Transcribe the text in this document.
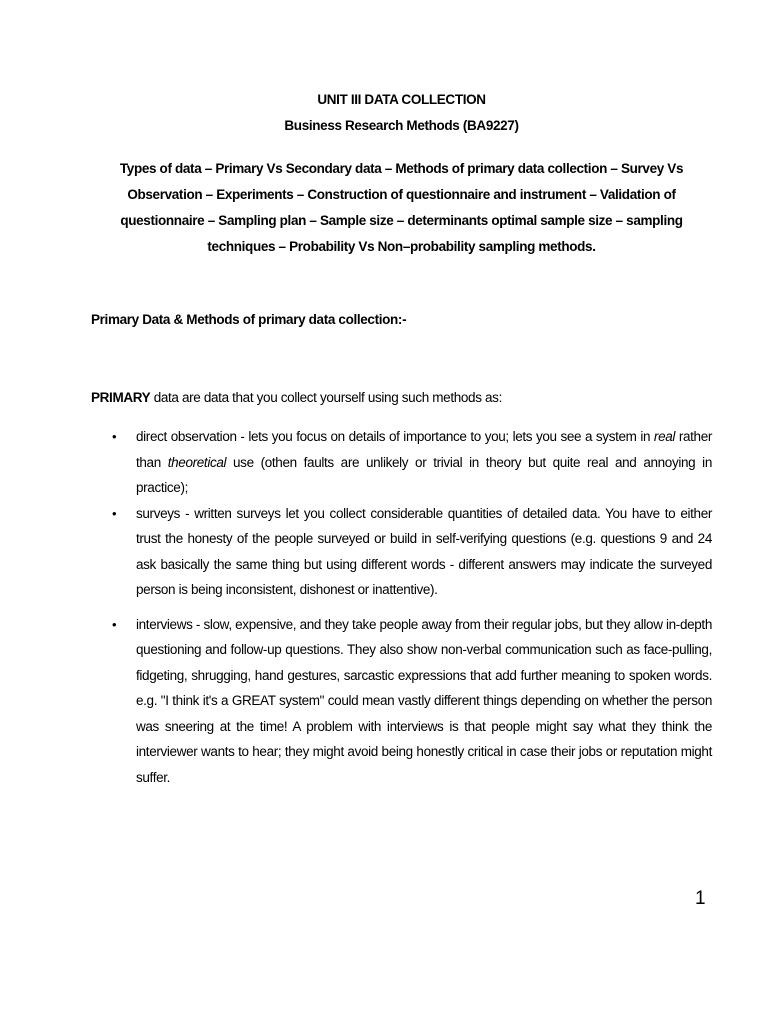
UNIT III DATA COLLECTION
Business Research Methods (BA9227)
Types of data – Primary Vs Secondary data – Methods of primary data collection – Survey Vs Observation – Experiments – Construction of questionnaire and instrument – Validation of questionnaire – Sampling plan – Sample size – determinants optimal sample size – sampling techniques – Probability Vs Non–probability sampling methods.
Primary Data & Methods of primary data collection:-
PRIMARY data are data that you collect yourself using such methods as:
• direct observation - lets you focus on details of importance to you; lets you see a system in real rather than theoretical use (othen faults are unlikely or trivial in theory but quite real and annoying in practice);
• surveys - written surveys let you collect considerable quantities of detailed data. You have to either trust the honesty of the people surveyed or build in self-verifying questions (e.g. questions 9 and 24 ask basically the same thing but using different words - different answers may indicate the surveyed person is being inconsistent, dishonest or inattentive).
• interviews - slow, expensive, and they take people away from their regular jobs, but they allow in-depth questioning and follow-up questions. They also show non-verbal communication such as face-pulling, fidgeting, shrugging, hand gestures, sarcastic expressions that add further meaning to spoken words. e.g. "I think it's a GREAT system" could mean vastly different things depending on whether the person was sneering at the time! A problem with interviews is that people might say what they think the interviewer wants to hear; they might avoid being honestly critical in case their jobs or reputation might suffer.
1
